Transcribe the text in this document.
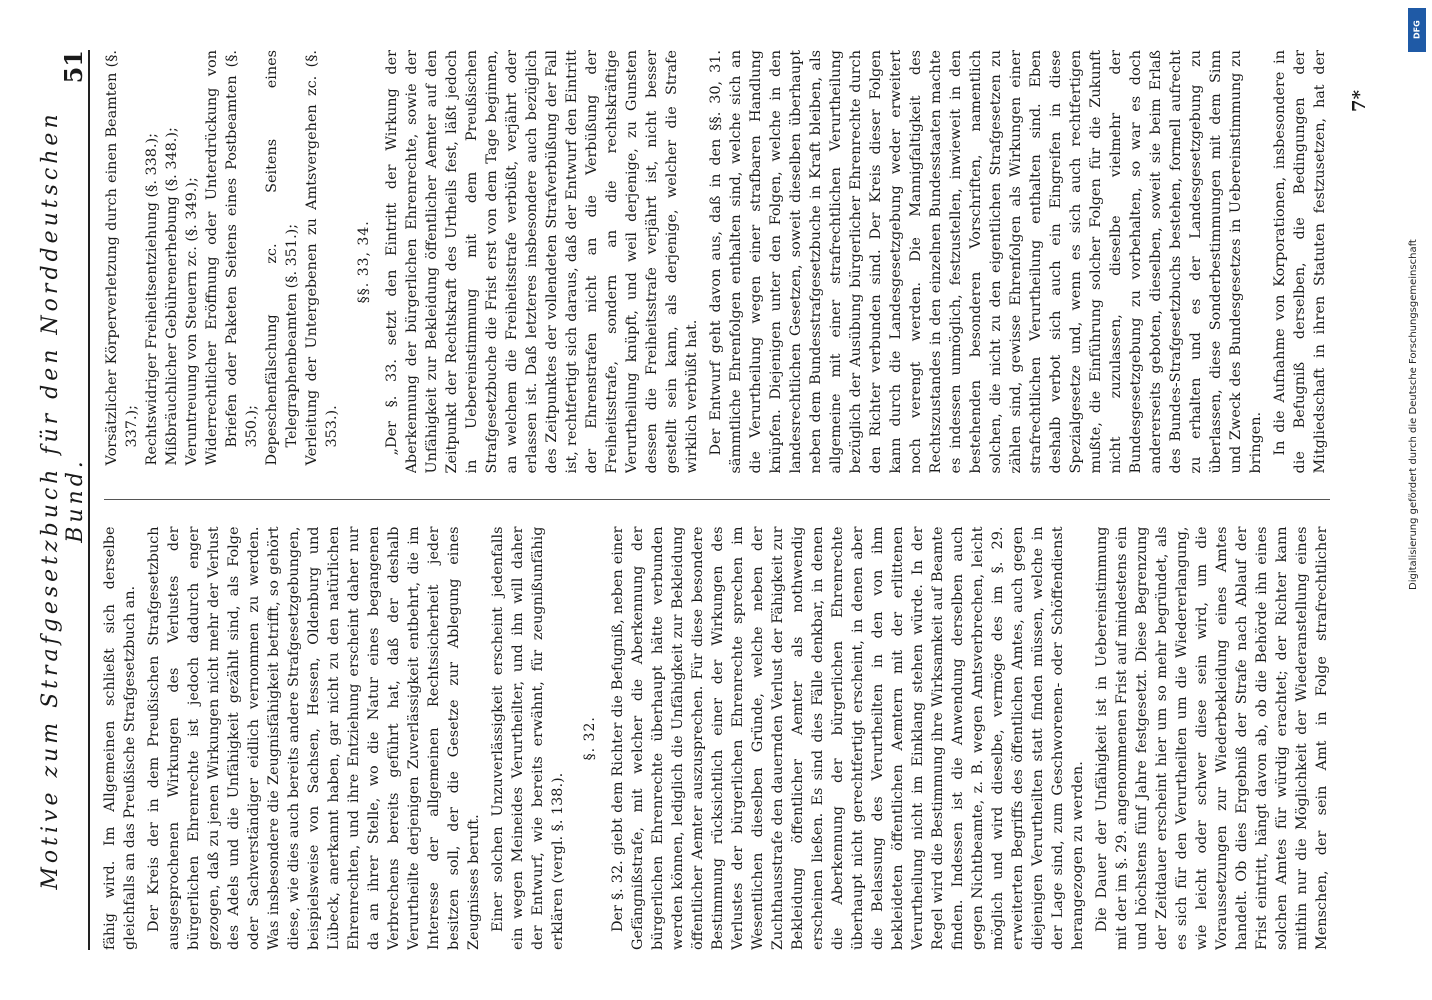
Motive zum Strafgesetzbuch für den Norddeutschen Bund.
51

fähig wird. Im Allgemeinen schließt sich derselbe gleichfalls an das Preußische Strafgesetzbuch an. Der Kreis der in dem Preußischen Strafgesetzbuch ausgesprochenen Wirkungen des Verlustes der bürgerlichen Ehrenrechte ist jedoch dadurch enger gezogen, daß zu jenen Wirkungen nicht mehr der Verlust des Adels und die Unfähigkeit gezählt sind, als Folge oder Sachverständiger eidlich vernommen zu werden. Was insbesondere die Zeugnisfähigkeit betrifft, so gehört diese, wie dies auch bereits andere Strafgesetzgebungen, beispielsweise von Sachsen, Hessen, Oldenburg und Lübeck, anerkannt haben, gar nicht zu den natürlichen Ehrenrechten, und ihre Entziehung erscheint daher nur da an ihrer Stelle, wo die Natur eines begangenen Verbrechens bereits geführt hat, daß der deshalb Verurtheilte derjenigen Zuverlässigkeit entbehrt, die im Interesse der allgemeinen Rechtssicherheit jeder besitzen soll, der die Gesetze zur Ablegung eines Zeugnisses beruft. Einer solchen Unzuverlässigkeit erscheint jedenfalls ein wegen Meineides Verurtheilter, und ihn will daher der Entwurf, wie bereits erwähnt, für zeugnißunfähig erklären (vergl. §. 138.).

§. 32. Der §. 32. giebt dem Richter die Befugniß, neben einer Gefängnißstrafe, mit welcher die Aberkennung der bürgerlichen Ehrenrechte überhaupt hätte verbunden werden können, lediglich die Unfähigkeit zur Bekleidung öffentlicher Aemter auszusprechen. Für diese besondere Bestimmung rücksichtlich einer der Wirkungen des Verlustes der bürgerlichen Ehrenrechte sprechen im Wesentlichen dieselben Gründe, welche neben der Zuchthausstrafe den dauernden Verlust der Fähigkeit zur Bekleidung öffentlicher Aemter als nothwendig erscheinen ließen. Es sind dies Fälle denkbar, in denen die Aberkennung der bürgerlichen Ehrenrechte überhaupt nicht gerechtfertigt erscheint, in denen aber die Belassung des Verurtheilten in den von ihm bekleideten öffentlichen Aemtern mit der erlittenen Verurtheilung nicht im Einklang stehen würde. In der Regel wird die Bestimmung ihre Wirksamkeit auf Beamte finden. Indessen ist die Anwendung derselben auch gegen Nichtbeamte, z. B. wegen Amtsverbrechen, leicht möglich und wird dieselbe, vermöge des im §. 29. erweiterten Begriffs des öffentlichen Amtes, auch gegen diejenigen Verurtheilten statt finden müssen, welche in der Lage sind, zum Geschworenen- oder Schöffendienst herangezogen zu werden. Die Dauer der Unfähigkeit ist in Uebereinstimmung mit der im §. 29. angenommenen Frist auf mindestens ein und höchstens fünf Jahre festgesetzt. Diese Begrenzung der Zeitdauer erscheint hier um so mehr begründet, als es sich für den Verurtheilten um die Wiedererlangung, wie leicht oder schwer diese sein wird, um die Voraussetzungen zur Wiederbekleidung eines Amtes handelt. Ob dies Ergebniß der Strafe nach Ablauf der Frist eintritt, hängt davon ab, ob die Behörde ihn eines solchen Amtes für würdig erachtet; der Richter kann mithin nur die Möglichkeit der Wiederanstellung eines Menschen, der sein Amt in Folge strafrechtlicher

Vorsätzlicher Körperverletzung durch einen Beamten (§. 337.); Rechtswidriger Freiheitsentziehung (§. 338.); Mißbräuchlicher Gebührenerhebung (§. 348.); Veruntreuung von Steuern zc. (§. 349.); Widerrechtlicher Eröffnung oder Unterdrückung von Briefen oder Paketen Seitens eines Postbeamten (§. 350.); Depeschenfälschung zc. Seitens eines Telegraphenbeamten (§. 351.); Verleitung der Untergebenen zu Amtsvergehen zc. (§. 353.).

§§. 33, 34. „Der §. 33. setzt den Eintritt der Wirkung der Aberkennung der bürgerlichen Ehrenrechte, sowie der Unfähigkeit zur Bekleidung öffentlicher Aemter auf den Zeitpunkt der Rechtskraft des Urtheils fest, läßt jedoch in Uebereinstimmung mit dem Preußischen Strafgesetzbuche die Frist erst von dem Tage beginnen, an welchem die Freiheitsstrafe verbüßt, verjährt oder erlassen ist. Daß letzteres insbesondere auch bezüglich des Zeitpunktes der vollendeten Strafverbüßung der Fall ist, rechtfertigt sich daraus, daß der Entwurf den Eintritt der Ehrenstrafen nicht an die Verbüßung der Freiheitsstrafe, sondern an die rechtskräftige Verurtheilung knüpft, und weil derjenige, zu Gunsten dessen die Freiheitsstrafe verjährt ist, nicht besser gestellt sein kann, als derjenige, welcher die Strafe wirklich verbüßt hat. Der Entwurf geht davon aus, daß in den §§. 30, 31. sämmtliche Ehrenfolgen enthalten sind, welche sich an die Verurtheilung wegen einer strafbaren Handlung knüpfen. Diejenigen unter den Folgen, welche in den landesrechtlichen Gesetzen, soweit dieselben überhaupt neben dem Bundesstrafgesetzbuche in Kraft bleiben, als allgemeine mit einer strafrechtlichen Verurtheilung bezüglich der Ausübung bürgerlicher Ehrenrechte durch den Richter verbunden sind. Der Kreis dieser Folgen kann durch die Landesgesetzgebung weder erweitert noch verengt werden. Die Mannigfaltigkeit des Rechtszustandes in den einzelnen Bundesstaaten machte es indessen unmöglich, festzustellen, inwieweit in den bestehenden besonderen Vorschriften, namentlich solchen, die nicht zu den eigentlichen Strafgesetzen zu zählen sind, gewisse Ehrenfolgen als Wirkungen einer strafrechtlichen Verurtheilung enthalten sind. Eben deshalb verbot sich auch ein Eingreifen in diese Spezialgesetze und, wenn es sich auch rechtfertigen mußte, die Einführung solcher Folgen für die Zukunft nicht zuzulassen, dieselbe vielmehr der Bundesgesetzgebung zu vorbehalten, so war es doch andererseits geboten, dieselben, soweit sie beim Erlaß des Bundes-Strafgesetzbuchs bestehen, formell aufrecht zu erhalten und es der Landesgesetzgebung zu überlassen, diese Sonderbestimmungen mit dem Sinn und Zweck des Bundesgesetzes in Uebereinstimmung zu bringen. In die Aufnahme von Korporationen, insbesondere in die Befugniß derselben, die Bedingungen der Mitgliedschaft in ihren Statuten festzusetzen, hat der

7*
DFG
Digitalisierung gefördert durch die Deutsche Forschungsgemeinschaft
